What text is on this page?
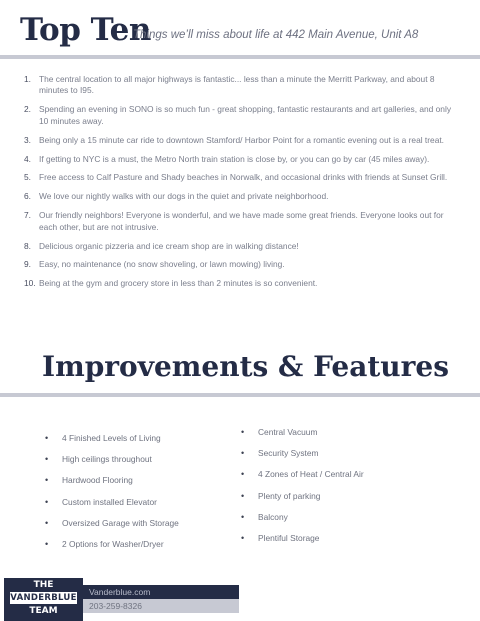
Top Ten
Things we’ll miss about life at 442 Main Avenue, Unit A8
1. The central location to all major highways is fantastic... less than a minute the Merritt Parkway, and about 8 minutes to I95.
2. Spending an evening in SONO is so much fun - great shopping, fantastic restaurants and art galleries, and only 10 minutes away.
3. Being only a 15 minute car ride to downtown Stamford/ Harbor Point for a romantic evening out is a real treat.
4. If getting to NYC is a must, the Metro North train station is close by, or you can go by car (45 miles away).
5. Free access to Calf Pasture and Shady beaches in Norwalk, and occasional drinks with friends at Sunset Grill.
6. We love our nightly walks with our dogs in the quiet and private neighborhood.
7. Our friendly neighbors! Everyone is wonderful, and we have made some great friends. Everyone looks out for each other, but are not intrusive.
8. Delicious organic pizzeria and ice cream shop are in walking distance!
9. Easy, no maintenance (no snow shoveling, or lawn mowing) living.
10. Being at the gym and grocery store in less than 2 minutes is so convenient.
Improvements & Features
• 4 Finished Levels of Living
• High ceilings throughout
• Hardwood Flooring
• Custom installed Elevator
• Oversized Garage with Storage
• 2 Options for Washer/Dryer
• Central Vacuum
• Security System
• 4 Zones of Heat / Central Air
• Plenty of parking
• Balcony
• Plentiful Storage
THE
VANDERBLUE
TEAM
Vanderblue.com
203-259-8326
